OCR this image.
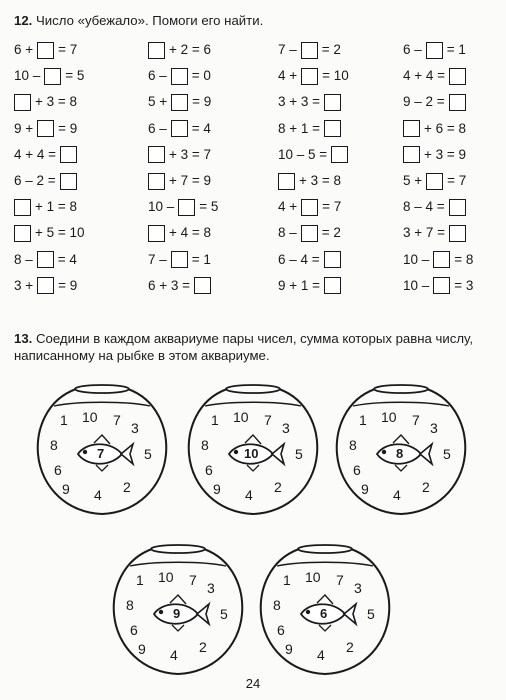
12. Число «убежало». Помоги его найти.
6 + = 7
10 – = 5
+ 3 = 8
9 + = 9
4 + 4 =
6 – 2 =
+ 1 = 8
+ 5 = 10
8 – = 4
3 + = 9
+ 2 = 6
6 – = 0
5 + = 9
6 – = 4
+ 3 = 7
+ 7 = 9
10 – = 5
+ 4 = 8
7 – = 1
6 + 3 =
7 – = 2
4 + = 10
3 + 3 =
8 + 1 =
10 – 5 =
+ 3 = 8
4 + = 7
8 – = 2
6 – 4 =
9 + 1 =
6 – = 1
4 + 4 =
9 – 2 =
+ 6 = 8
+ 3 = 9
5 + = 7
8 – 4 =
3 + 7 =
10 – = 8
10 – = 3
13. Соедини в каждом аквариуме пары чисел, сумма которых равна числу, написанному на рыбке в этом аквариуме.
7
1 10 7 3
8
6
5
9 4 2
10
1 10 7 3
8
6
5
9 4 2
8
1 10 7 3
8
6
5
9 4 2
9
1 10 7 3
8
6
5
9 4 2
6
1 10 7 3
8
6
5
9 4 2
24
